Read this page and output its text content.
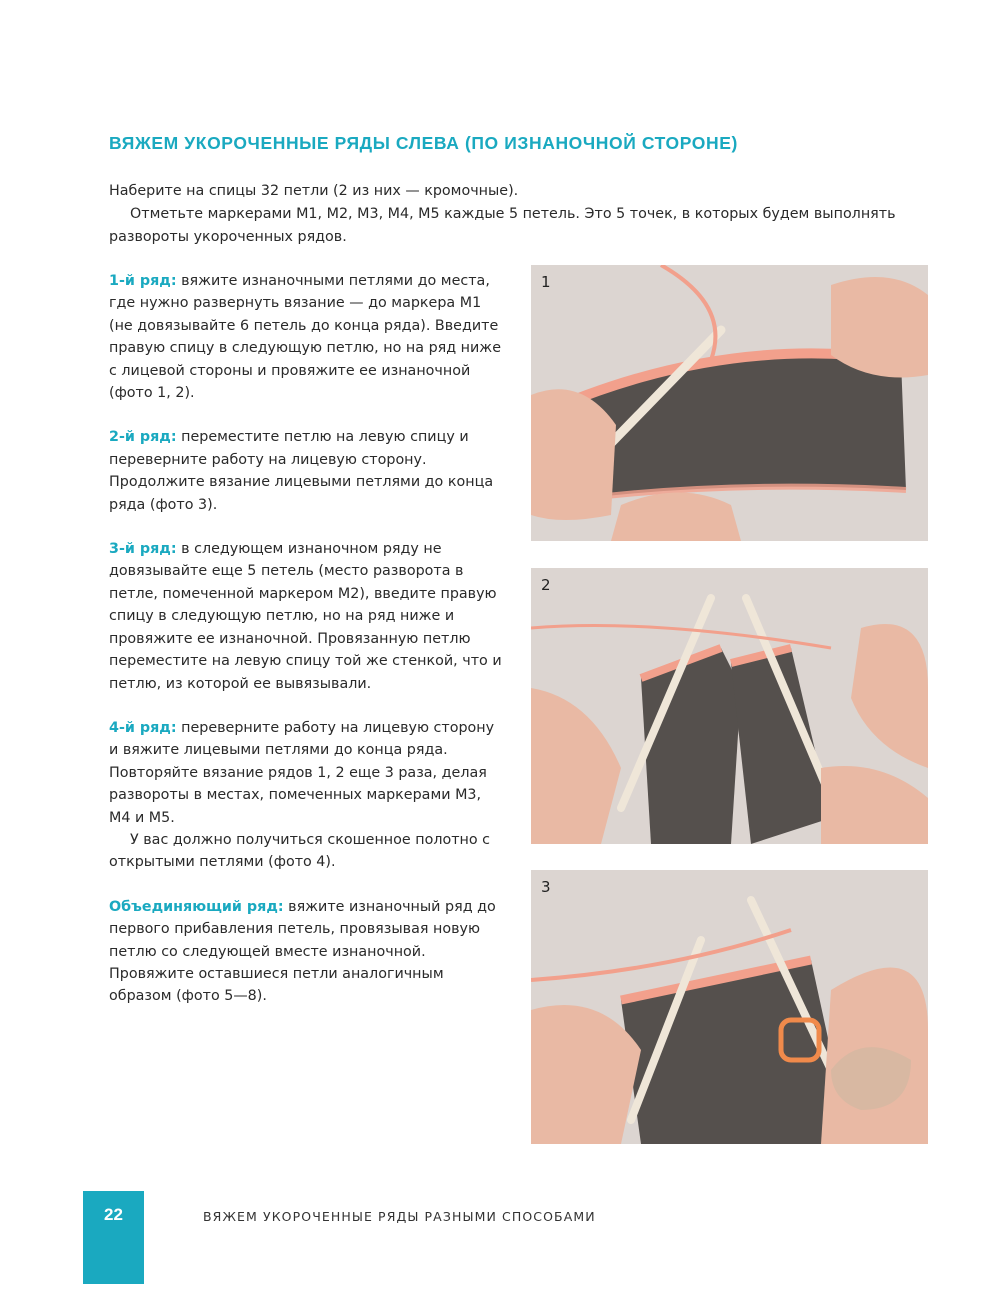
ВЯЖЕМ УКОРОЧЕННЫЕ РЯДЫ СЛЕВА (ПО ИЗНАНОЧНОЙ СТОРОНЕ)

Наберите на спицы 32 петли (2 из них — кромочные).

Отметьте маркерами М1, М2, М3, М4, М5 каждые 5 петель. Это 5 точек, в которых будем выполнять развороты укороченных рядов.

1-й ряд: вяжите изнаночными петлями до места, где нужно развернуть вязание — до маркера М1 (не довязывайте 6 петель до конца ряда). Введите правую спицу в следующую петлю, но на ряд ниже с лицевой стороны и провяжите ее изнаночной (фото 1, 2).

2-й ряд: переместите петлю на левую спицу и переверните работу на лицевую сторону. Продолжите вязание лицевыми петлями до конца ряда (фото 3).

3-й ряд: в следующем изнаночном ряду не довязывайте еще 5 петель (место разворота в петле, помеченной маркером М2), введите правую спицу в следующую петлю, но на ряд ниже и провяжите ее изнаночной. Провязанную петлю переместите на левую спицу той же стенкой, что и петлю, из которой ее вывязывали.

4-й ряд: переверните работу на лицевую сторону и вяжите лицевыми петлями до конца ряда. Повторяйте вязание рядов 1, 2 еще 3 раза, делая развороты в местах, помеченных маркерами М3, М4 и М5.

У вас должно получиться скошенное полотно с открытыми петлями (фото 4).

Объединяющий ряд: вяжите изнаночный ряд до первого прибавления петель, провязывая новую петлю со следующей вместе изнаночной. Провяжите оставшиеся петли аналогичным образом (фото 5—8).

1
2
3
22	ВЯЖЕМ УКОРОЧЕННЫЕ РЯДЫ РАЗНЫМИ СПОСОБАМИ
